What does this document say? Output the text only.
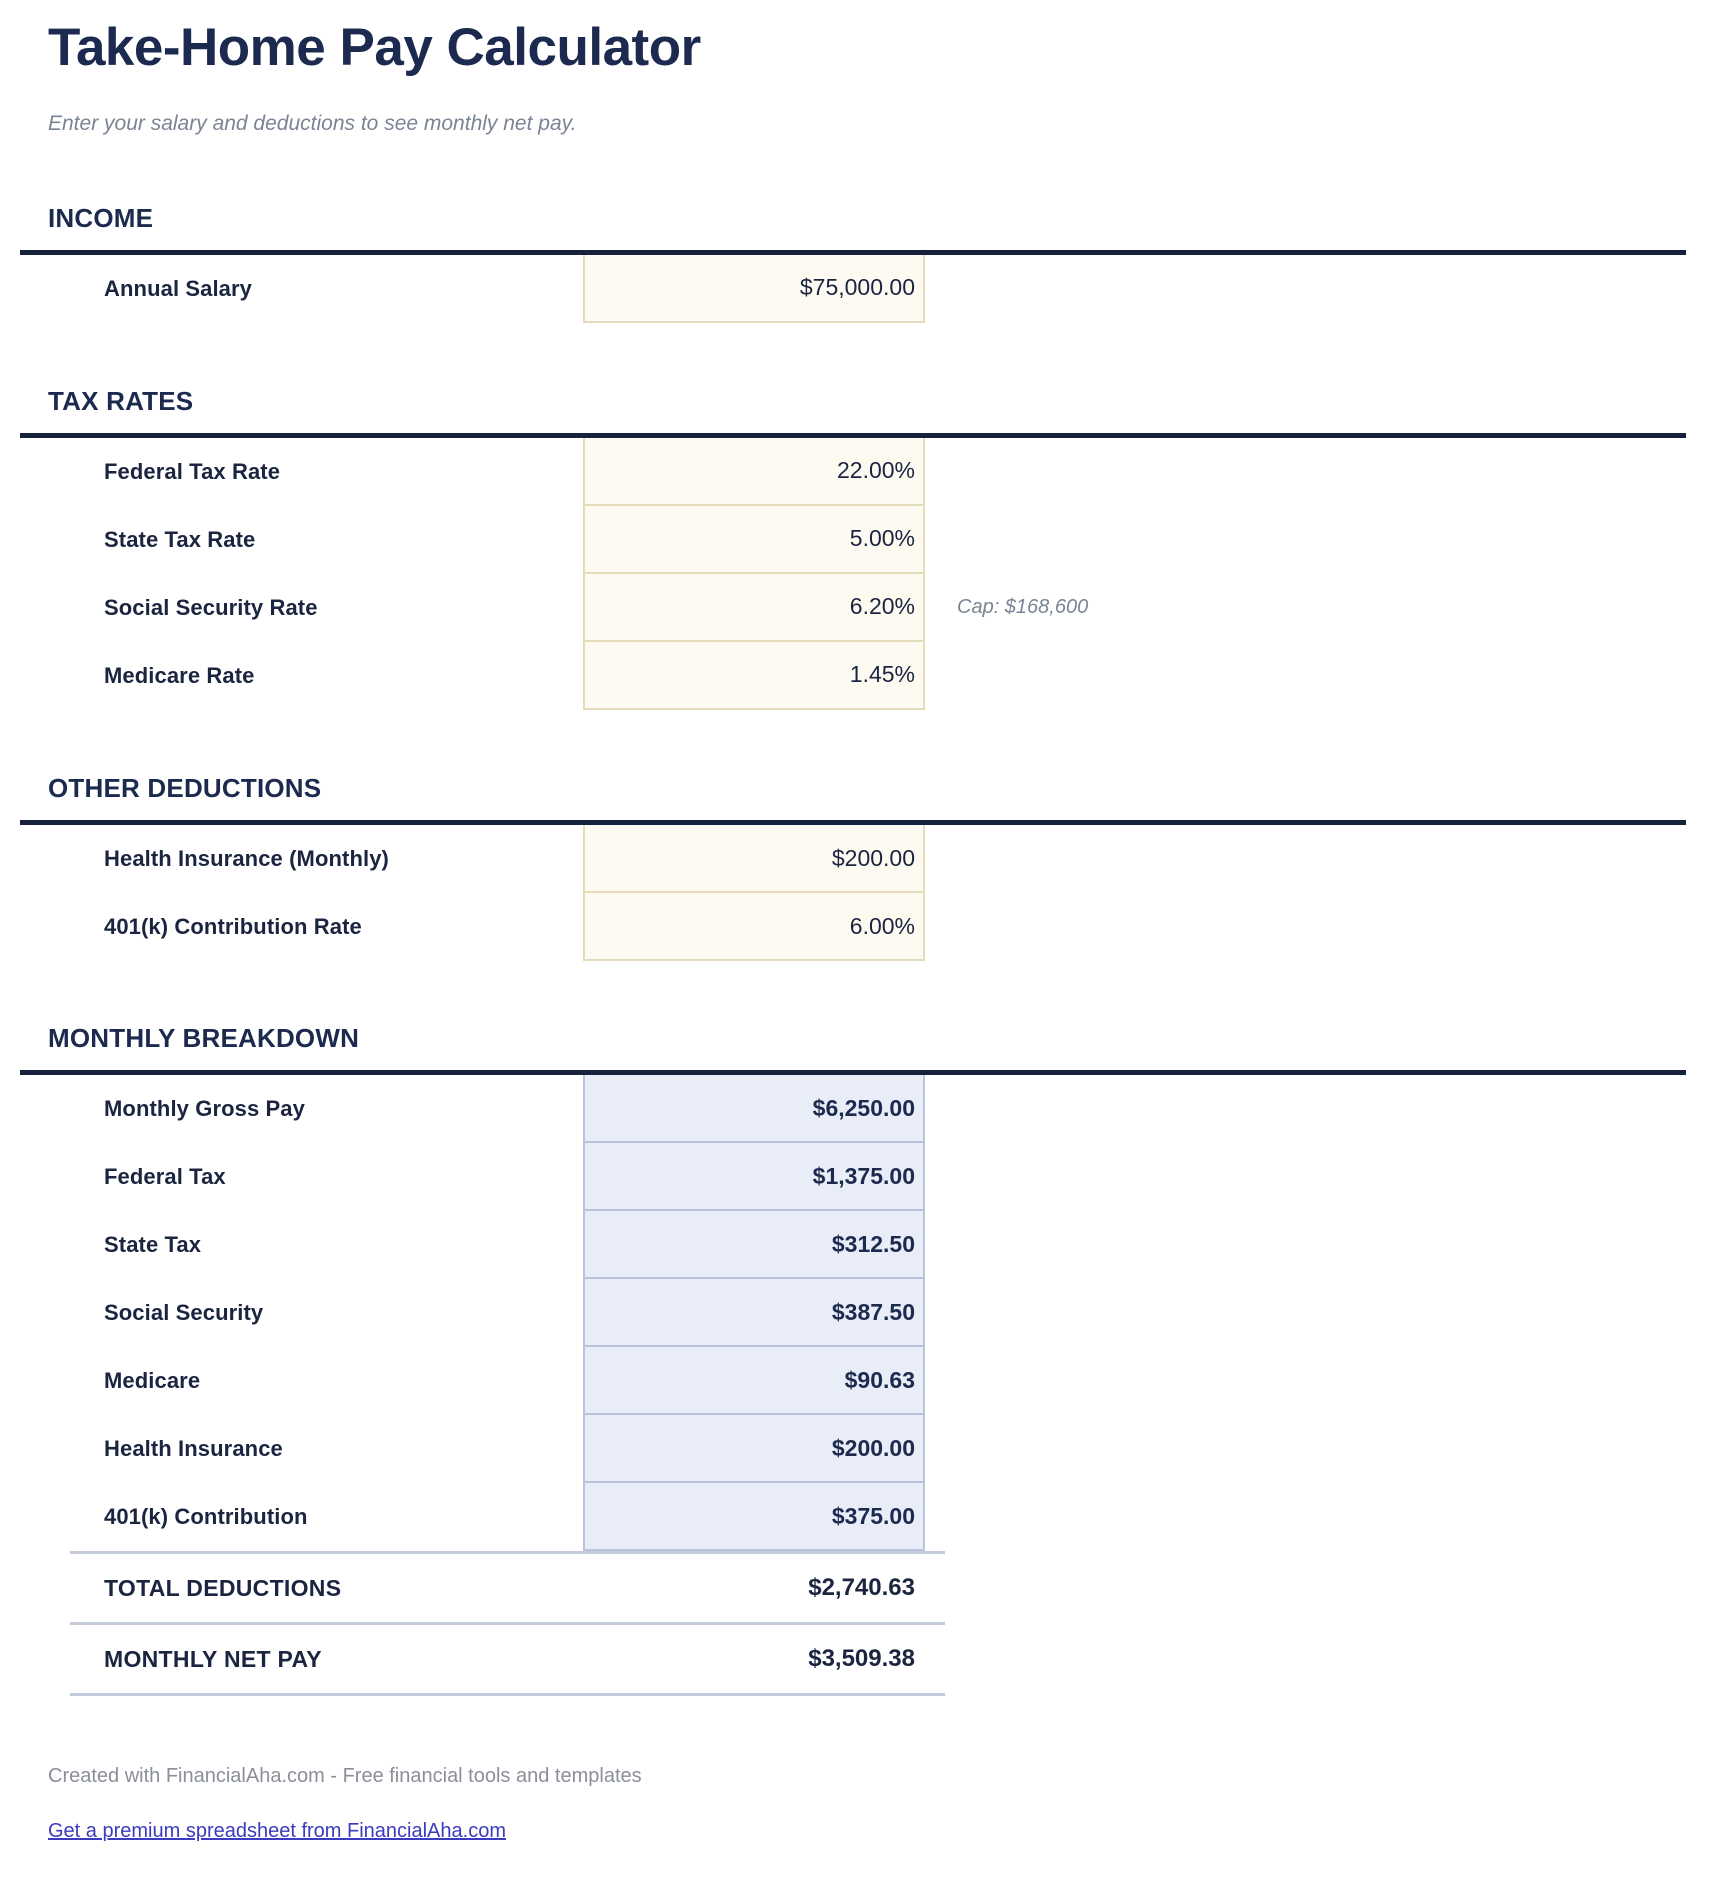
Take-Home Pay Calculator

Enter your salary and deductions to see monthly net pay.

INCOME
Annual Salary	$75,000.00
TAX RATES
Federal Tax Rate	22.00%
State Tax Rate	5.00%
Social Security Rate	6.20%	Cap: $168,600
Medicare Rate	1.45%
OTHER DEDUCTIONS
Health Insurance (Monthly)	$200.00
401(k) Contribution Rate	6.00%
MONTHLY BREAKDOWN
Monthly Gross Pay	$6,250.00
Federal Tax	$1,375.00
State Tax	$312.50
Social Security	$387.50
Medicare	$90.63
Health Insurance	$200.00
401(k) Contribution	$375.00
TOTAL DEDUCTIONS	$2,740.63
MONTHLY NET PAY	$3,509.38
Created with FinancialAha.com - Free financial tools and templates
Get a premium spreadsheet from FinancialAha.com
